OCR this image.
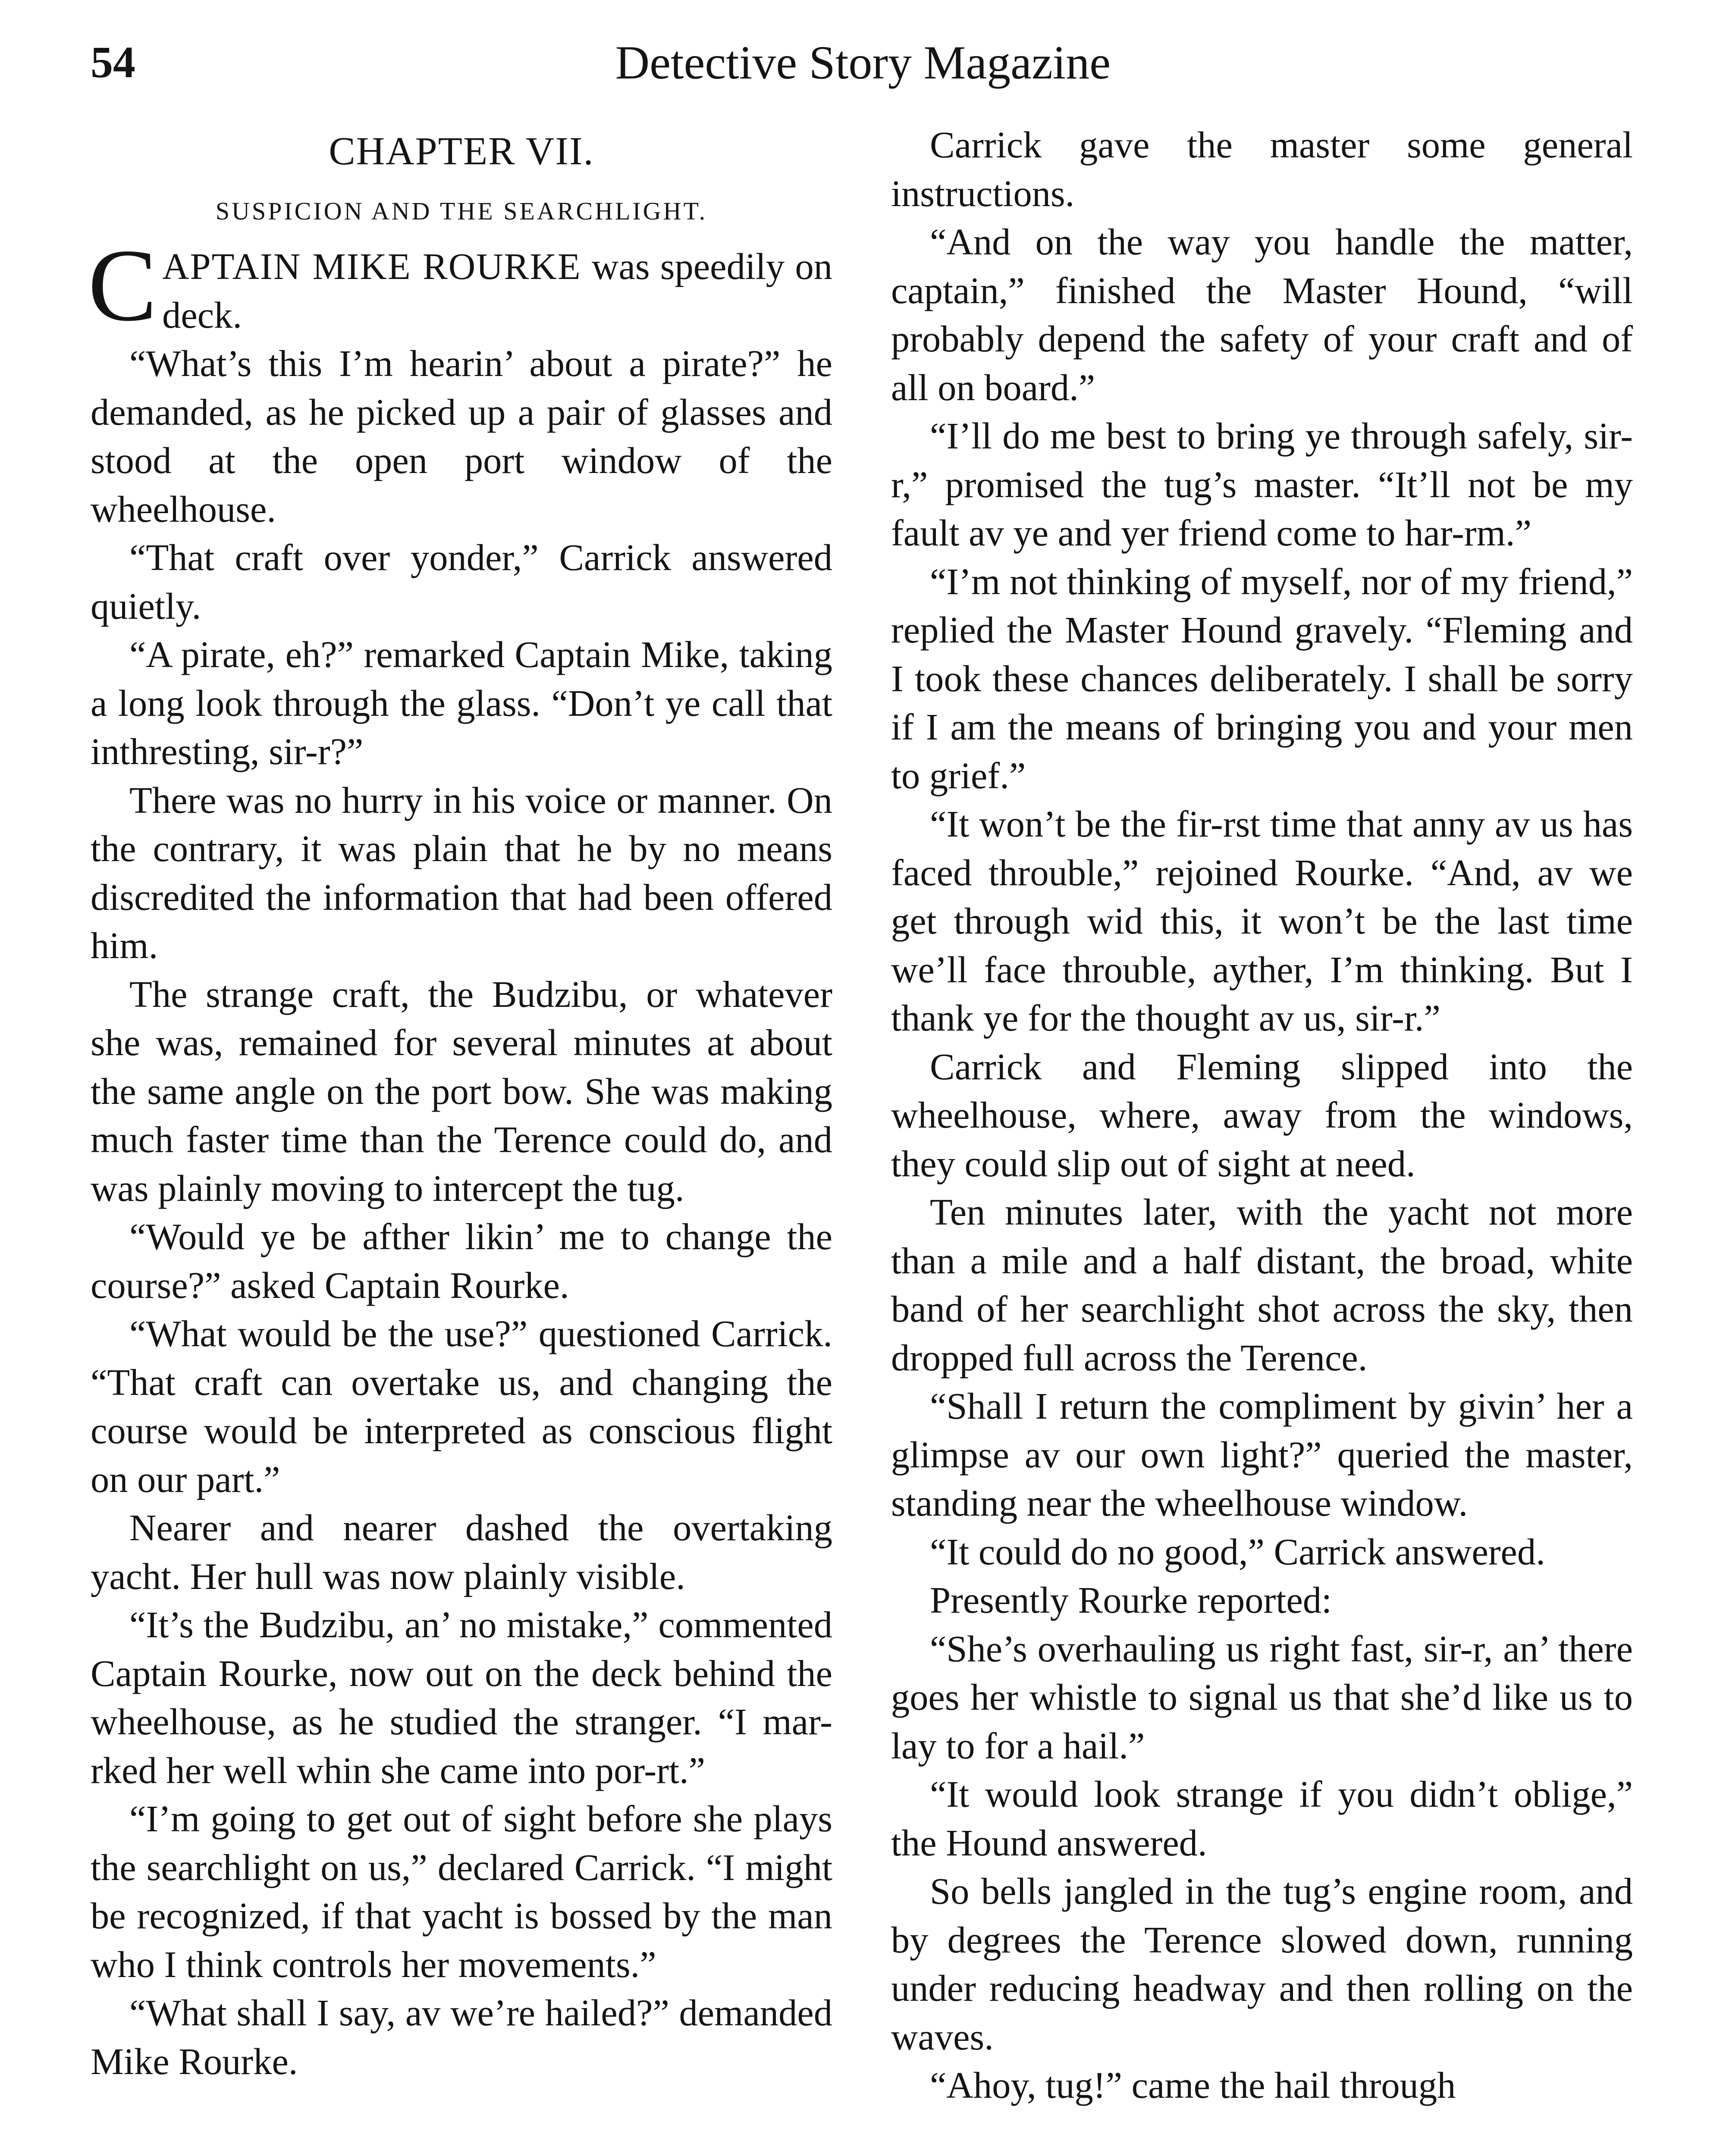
54	Detective Story Magazine
CHAPTER VII.
SUSPICION AND THE SEARCHLIGHT.

CAPTAIN MIKE ROURKE was speedily on deck.

“What’s this I’m hearin’ about a pirate?” he demanded, as he picked up a pair of glasses and stood at the open port window of the wheelhouse.

“That craft over yonder,” Carrick answered quietly.

“A pirate, eh?” remarked Captain Mike, taking a long look through the glass. “Don’t ye call that inthresting, sir-r?”

There was no hurry in his voice or manner. On the contrary, it was plain that he by no means discredited the information that had been offered him.

The strange craft, the Budzibu, or whatever she was, remained for several minutes at about the same angle on the port bow. She was making much faster time than the Terence could do, and was plainly moving to intercept the tug.

“Would ye be afther likin’ me to change the course?” asked Captain Rourke.

“What would be the use?” questioned Carrick. “That craft can overtake us, and changing the course would be interpreted as conscious flight on our part.”

Nearer and nearer dashed the overtaking yacht. Her hull was now plainly visible.

“It’s the Budzibu, an’ no mistake,” commented Captain Rourke, now out on the deck behind the wheelhouse, as he studied the stranger. “I mar-rked her well whin she came into por-rt.”

“I’m going to get out of sight before she plays the searchlight on us,” declared Carrick. “I might be recognized, if that yacht is bossed by the man who I think controls her movements.”

“What shall I say, av we’re hailed?” demanded Mike Rourke.

Carrick gave the master some general instructions.

“And on the way you handle the matter, captain,” finished the Master Hound, “will probably depend the safety of your craft and of all on board.”

“I’ll do me best to bring ye through safely, sir-r,” promised the tug’s master. “It’ll not be my fault av ye and yer friend come to har-rm.”

“I’m not thinking of myself, nor of my friend,” replied the Master Hound gravely. “Fleming and I took these chances deliberately. I shall be sorry if I am the means of bringing you and your men to grief.”

“It won’t be the fir-rst time that anny av us has faced throuble,” rejoined Rourke. “And, av we get through wid this, it won’t be the last time we’ll face throuble, ayther, I’m thinking. But I thank ye for the thought av us, sir-r.”

Carrick and Fleming slipped into the wheelhouse, where, away from the windows, they could slip out of sight at need.

Ten minutes later, with the yacht not more than a mile and a half distant, the broad, white band of her searchlight shot across the sky, then dropped full across the Terence.

“Shall I return the compliment by givin’ her a glimpse av our own light?” queried the master, standing near the wheelhouse window.

“It could do no good,” Carrick answered.

Presently Rourke reported:

“She’s overhauling us right fast, sir-r, an’ there goes her whistle to signal us that she’d like us to lay to for a hail.”

“It would look strange if you didn’t oblige,” the Hound answered.

So bells jangled in the tug’s engine room, and by degrees the Terence slowed down, running under reducing headway and then rolling on the waves.

“Ahoy, tug!” came the hail through
